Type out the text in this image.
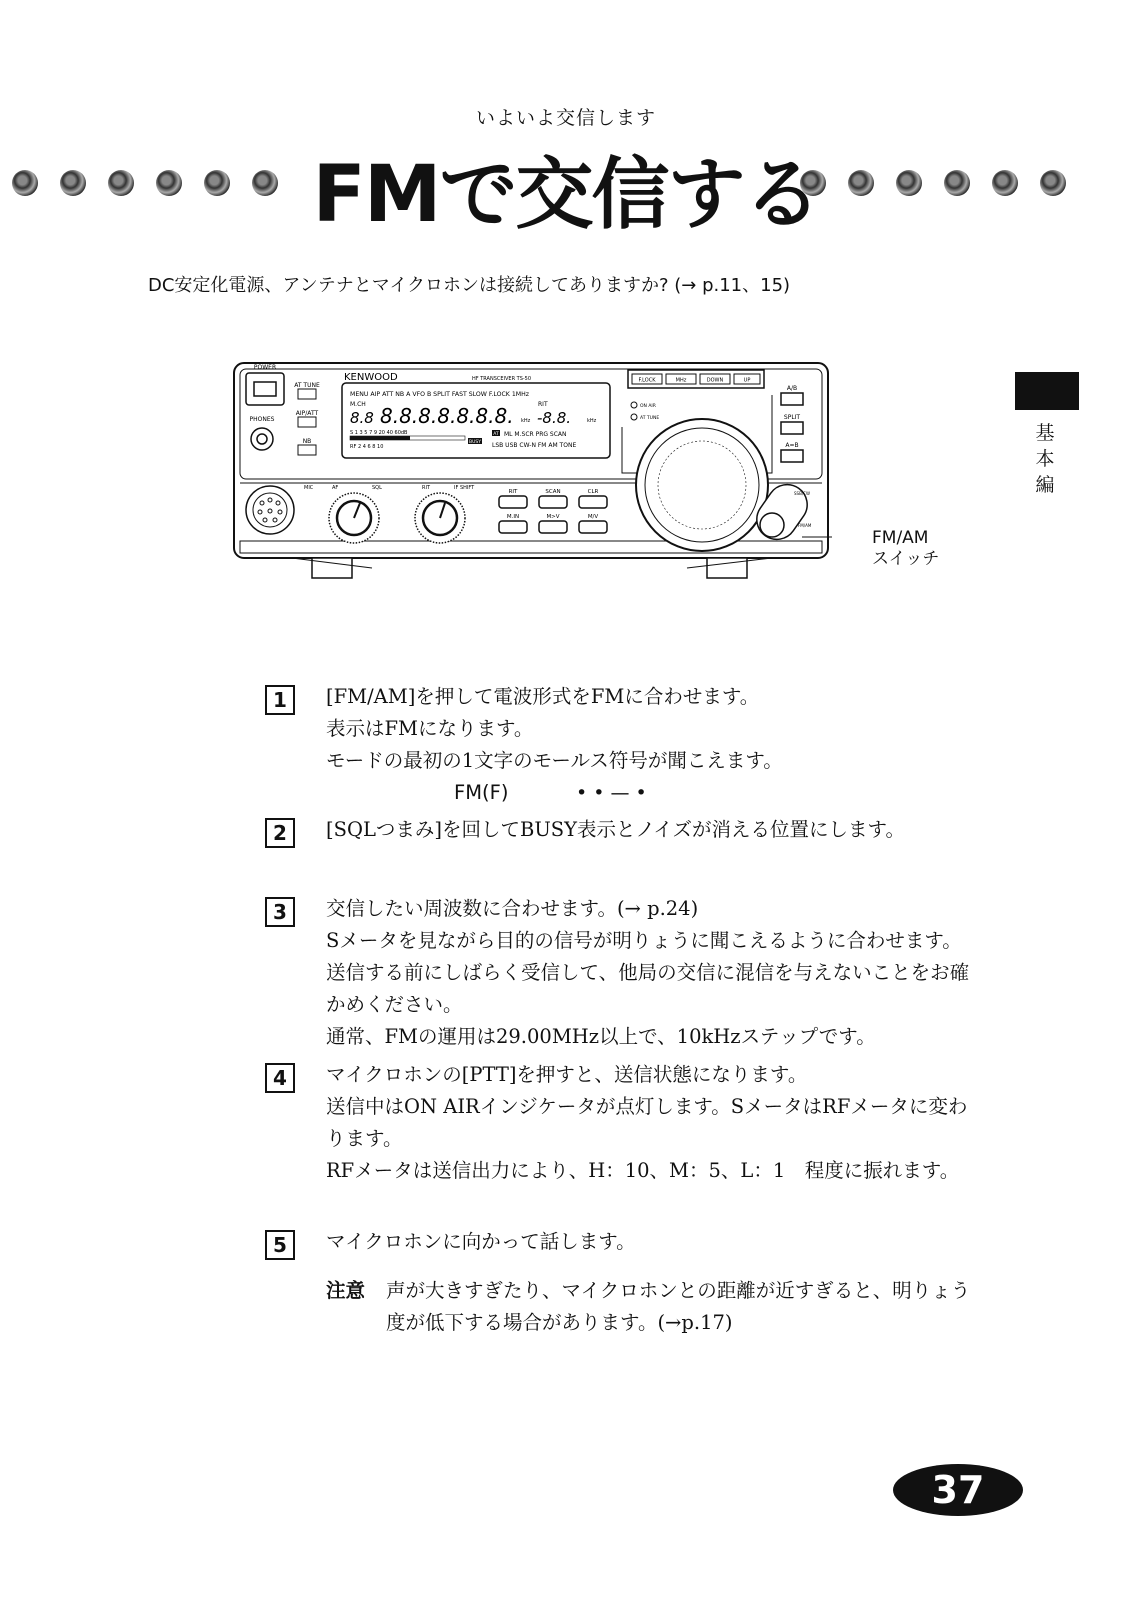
いよいよ交信します
FMで交信する
DC安定化電源、アンテナとマイクロホンは接続してありますか? (→ p.11、15)
基本編
POWER
PHONES
AT TUNE
AIP/ATT
NB
KENWOOD	HF TRANSCEIVER TS-50
MENU AIP ATT NB A VFO B SPLIT FAST SLOW F.LOCK 1MHz
M.CH	RIT
8.8 8.8.8.8.8.8.8. kHz -8.8.	kHz
S 1 3 5 7 9 20 40 60dB
RF 2 4 6 8 10
BUSY
AT ML M.SCR PRG SCAN
LSB USB CW-N FM AM TONE
F.LOCK	MHz	DOWN	UP
ON AIR
AT TUNE
A/B
SPLIT
A=B
MIC	AF	SQL	RIT	IF SHIFT
RIT	SCAN	CLR
M.IN	M>V	M/V
SSB/CW
FM/AM
FM/AM
スイッチ
1	[FM/AM]を押して電波形式をFMに合わせます。
表示はFMになります。
モードの最初の1文字のモールス符号が聞こえます。
FM(F)	• • — •
2	[SQLつまみ]を回してBUSY表示とノイズが消える位置にします。
3	交信したい周波数に合わせます。(→ p.24)
Sメータを見ながら目的の信号が明りょうに聞こえるように合わせます。送信する前にしばらく受信して、他局の交信に混信を与えないことをお確かめください。
通常、FMの運用は29.00MHz以上で、10kHzステップです。
4	マイクロホンの[PTT]を押すと、送信状態になります。
送信中はON AIRインジケータが点灯します。SメータはRFメータに変わります。
RFメータは送信出力により、H：10、M：5、L：1　程度に振れます。
5	マイクロホンに向かって話します。
注意	声が大きすぎたり、マイクロホンとの距離が近すぎると、明りょう度が低下する場合があります。(→p.17)
37
